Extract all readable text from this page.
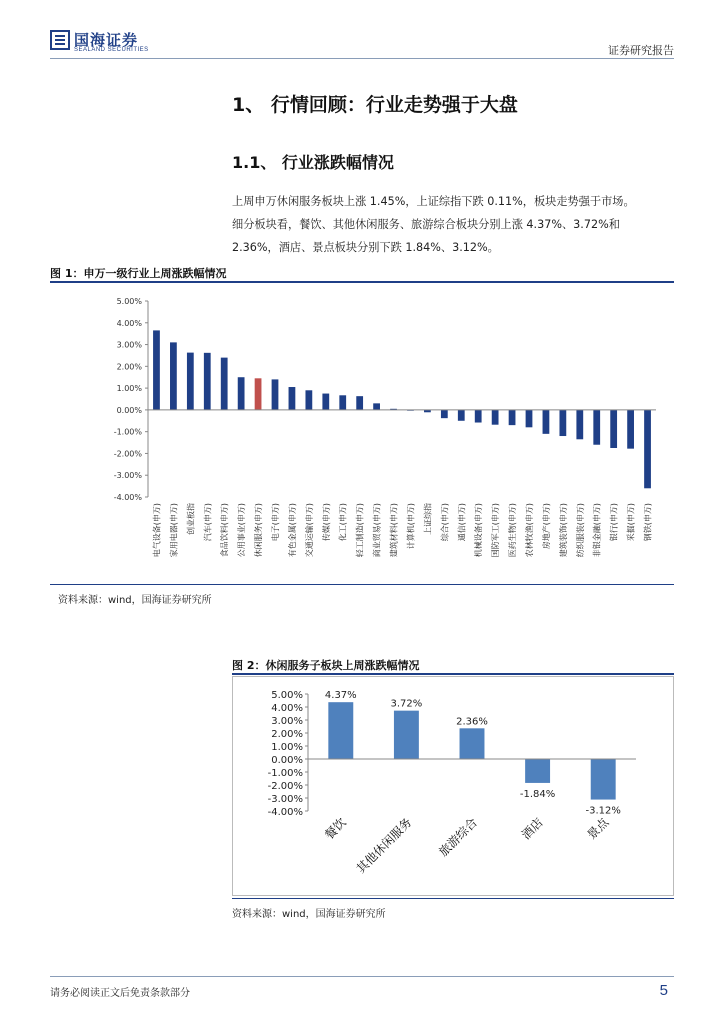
国海证券
SEALAND SECURITIES	证券研究报告
1、 行情回顾：行业走势强于大盘
1.1、 行业涨跌幅情况

上周申万休闲服务板块上涨 1.45%，上证综指下跌 0.11%，板块走势强于市场。

细分板块看，餐饮、其他休闲服务、旅游综合板块分别上涨 4.37%、3.72%和

2.36%，酒店、景点板块分别下跌 1.84%、3.12%。

图 1：申万一级行业上周涨跌幅情况
5.00%
4.00%
3.00%
2.00%
1.00%
0.00%
-1.00%
-2.00%
-3.00%
-4.00%
电气设备(申万) 家用电器(申万) 创业板指 汽车(申万) 食品饮料(申万) 公用事业(申万) 休闲服务(申万) 电子(申万) 有色金属(申万) 交通运输(申万) 传媒(申万) 化工(申万) 轻工制造(申万) 商业贸易(申万) 建筑材料(申万) 计算机(申万) 上证综指 综合(申万) 通信(申万) 机械设备(申万) 国防军工(申万) 医药生物(申万) 农林牧渔(申万) 房地产(申万) 建筑装饰(申万) 纺织服装(申万) 非银金融(申万) 银行(申万) 采掘(申万) 钢铁(申万)
资料来源：wind，国海证券研究所
图 2：休闲服务子板块上周涨跌幅情况
5.00%
4.00%
3.00%
2.00%
1.00%
0.00%
-1.00%
-2.00%
-3.00%
-4.00%
4.37%
餐饮
3.72%
其他休闲服务
2.36%
旅游综合
-1.84%
酒店
-3.12%
景点
资料来源：wind，国海证券研究所
请务必阅读正文后免责条款部分	5
